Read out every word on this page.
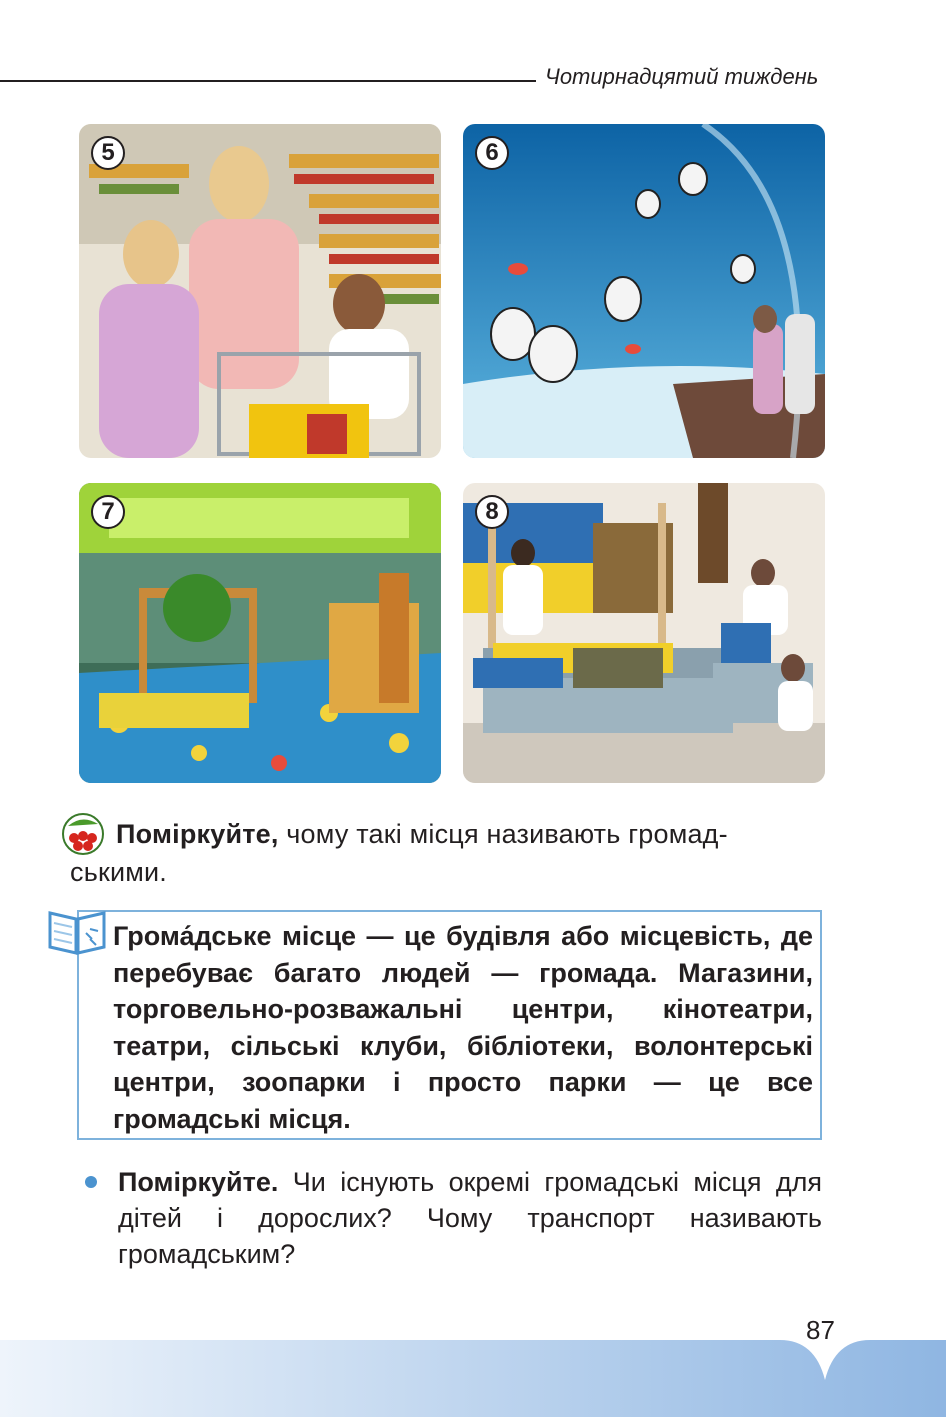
Чотирнадцятий тиждень
5	6
7	8
Поміркуйте, чому такі місця називають громад-
ськими.
Грома́дське місце — це будівля або місцевість, де перебуває багато людей — громада. Магазини, торговельно-розважальні центри, кінотеатри, театри, сільські клуби, бібліотеки, волонтерські центри, зоопарки і просто парки — це все громадські місця.
Поміркуйте. Чи існують окремі громадські місця для дітей і дорослих? Чому транспорт називають громадським?
87
